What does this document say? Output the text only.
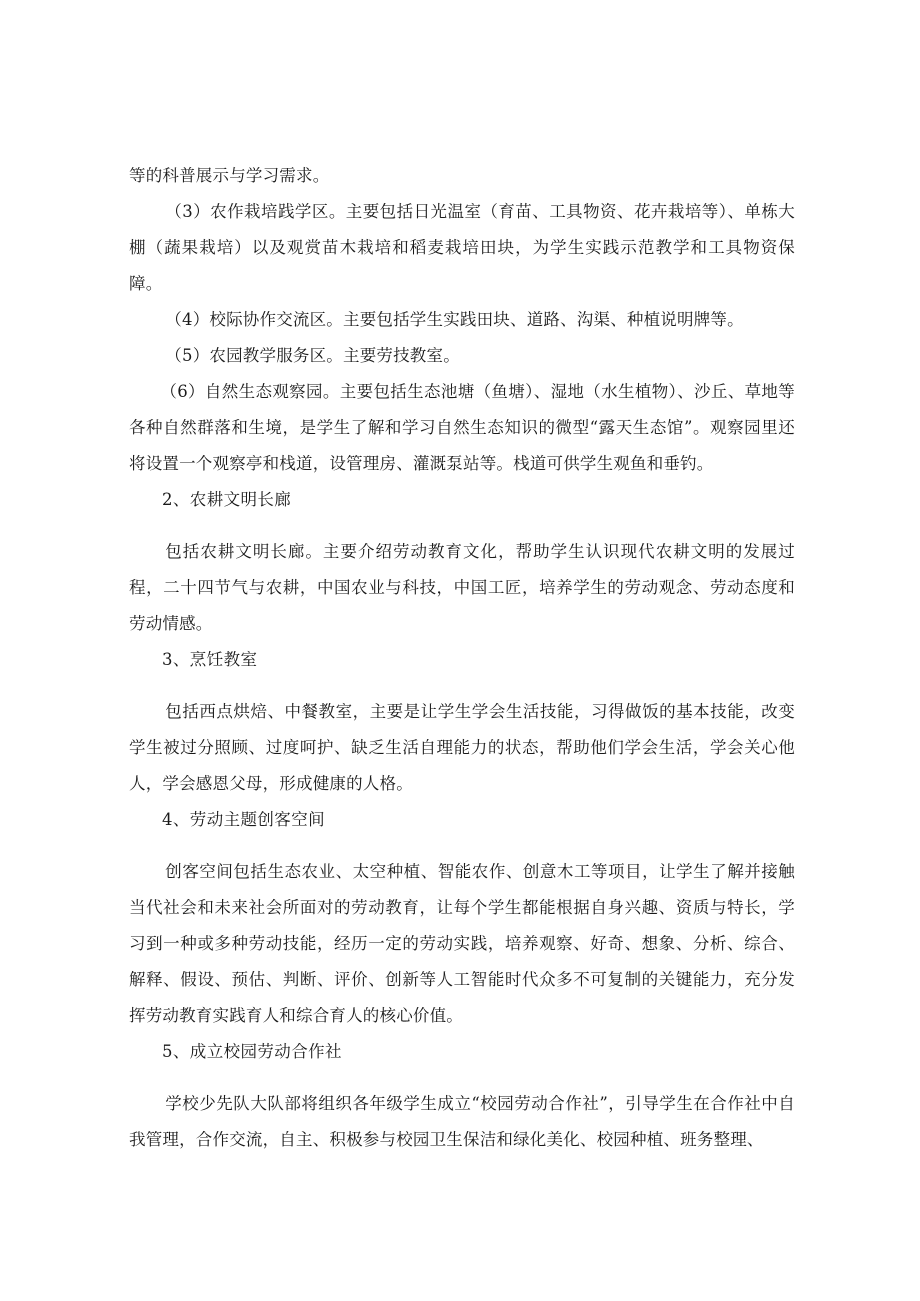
等的科普展示与学习需求。

（3）农作栽培践学区。主要包括日光温室（育苗、工具物资、花卉栽培等）、单栋大棚（蔬果栽培）以及观赏苗木栽培和稻麦栽培田块，为学生实践示范教学和工具物资保障。

（4）校际协作交流区。主要包括学生实践田块、道路、沟渠、种植说明牌等。

（5）农园教学服务区。主要劳技教室。

（6）自然生态观察园。主要包括生态池塘（鱼塘）、湿地（水生植物）、沙丘、草地等各种自然群落和生境，是学生了解和学习自然生态知识的微型“露天生态馆”。观察园里还将设置一个观察亭和栈道，设管理房、灌溉泵站等。栈道可供学生观鱼和垂钓。

2、农耕文明长廊

包括农耕文明长廊。主要介绍劳动教育文化，帮助学生认识现代农耕文明的发展过程，二十四节气与农耕，中国农业与科技，中国工匠，培养学生的劳动观念、劳动态度和劳动情感。

3、烹饪教室

包括西点烘焙、中餐教室，主要是让学生学会生活技能，习得做饭的基本技能，改变学生被过分照顾、过度呵护、缺乏生活自理能力的状态，帮助他们学会生活，学会关心他人，学会感恩父母，形成健康的人格。

4、劳动主题创客空间

创客空间包括生态农业、太空种植、智能农作、创意木工等项目，让学生了解并接触当代社会和未来社会所面对的劳动教育，让每个学生都能根据自身兴趣、资质与特长，学习到一种或多种劳动技能，经历一定的劳动实践，培养观察、好奇、想象、分析、综合、解释、假设、预估、判断、评价、创新等人工智能时代众多不可复制的关键能力，充分发挥劳动教育实践育人和综合育人的核心价值。

5、成立校园劳动合作社

学校少先队大队部将组织各年级学生成立“校园劳动合作社”，引导学生在合作社中自我管理，合作交流，自主、积极参与校园卫生保洁和绿化美化、校园种植、班务整理、
